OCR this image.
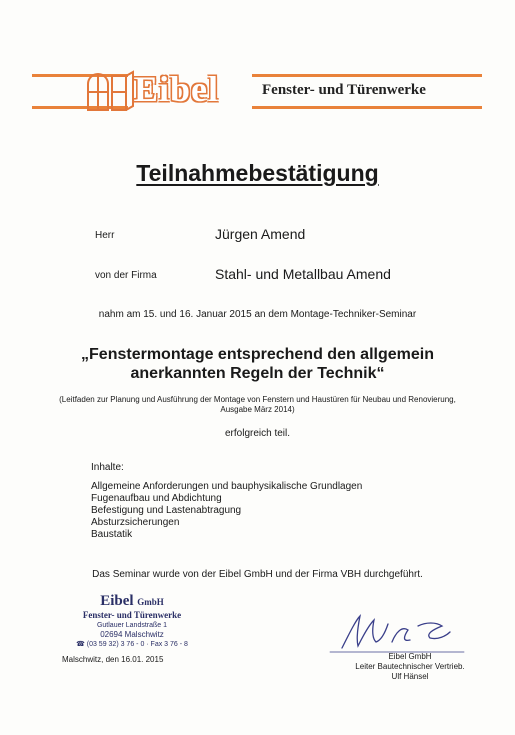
Eibel	Fenster- und Türenwerke
Teilnahmebestätigung
Herr	Jürgen Amend
von der Firma	Stahl- und Metallbau Amend
nahm am 15. und 16. Januar 2015 an dem Montage-Techniker-Seminar
„Fenstermontage entsprechend den allgemein
anerkannten Regeln der Technik“
(Leitfaden zur Planung und Ausführung der Montage von Fenstern und Haustüren für Neubau und Renovierung,
Ausgabe März 2014)
erfolgreich teil.
Inhalte:
Allgemeine Anforderungen und bauphysikalische Grundlagen
Fugenaufbau und Abdichtung
Befestigung und Lastenabtragung
Absturzsicherungen
Baustatik
Das Seminar wurde von der Eibel GmbH und der Firma VBH durchgeführt.
Eibel GmbH
Fenster- und Türenwerke
Gutlauer Landstraße 1
02694 Malschwitz
☎ (03 59 32) 3 76 - 0 · Fax 3 76 - 8
Malschwitz, den 16.01. 2015	Eibel GmbH
Leiter Bautechnischer Vertrieb.
Ulf Hänsel
